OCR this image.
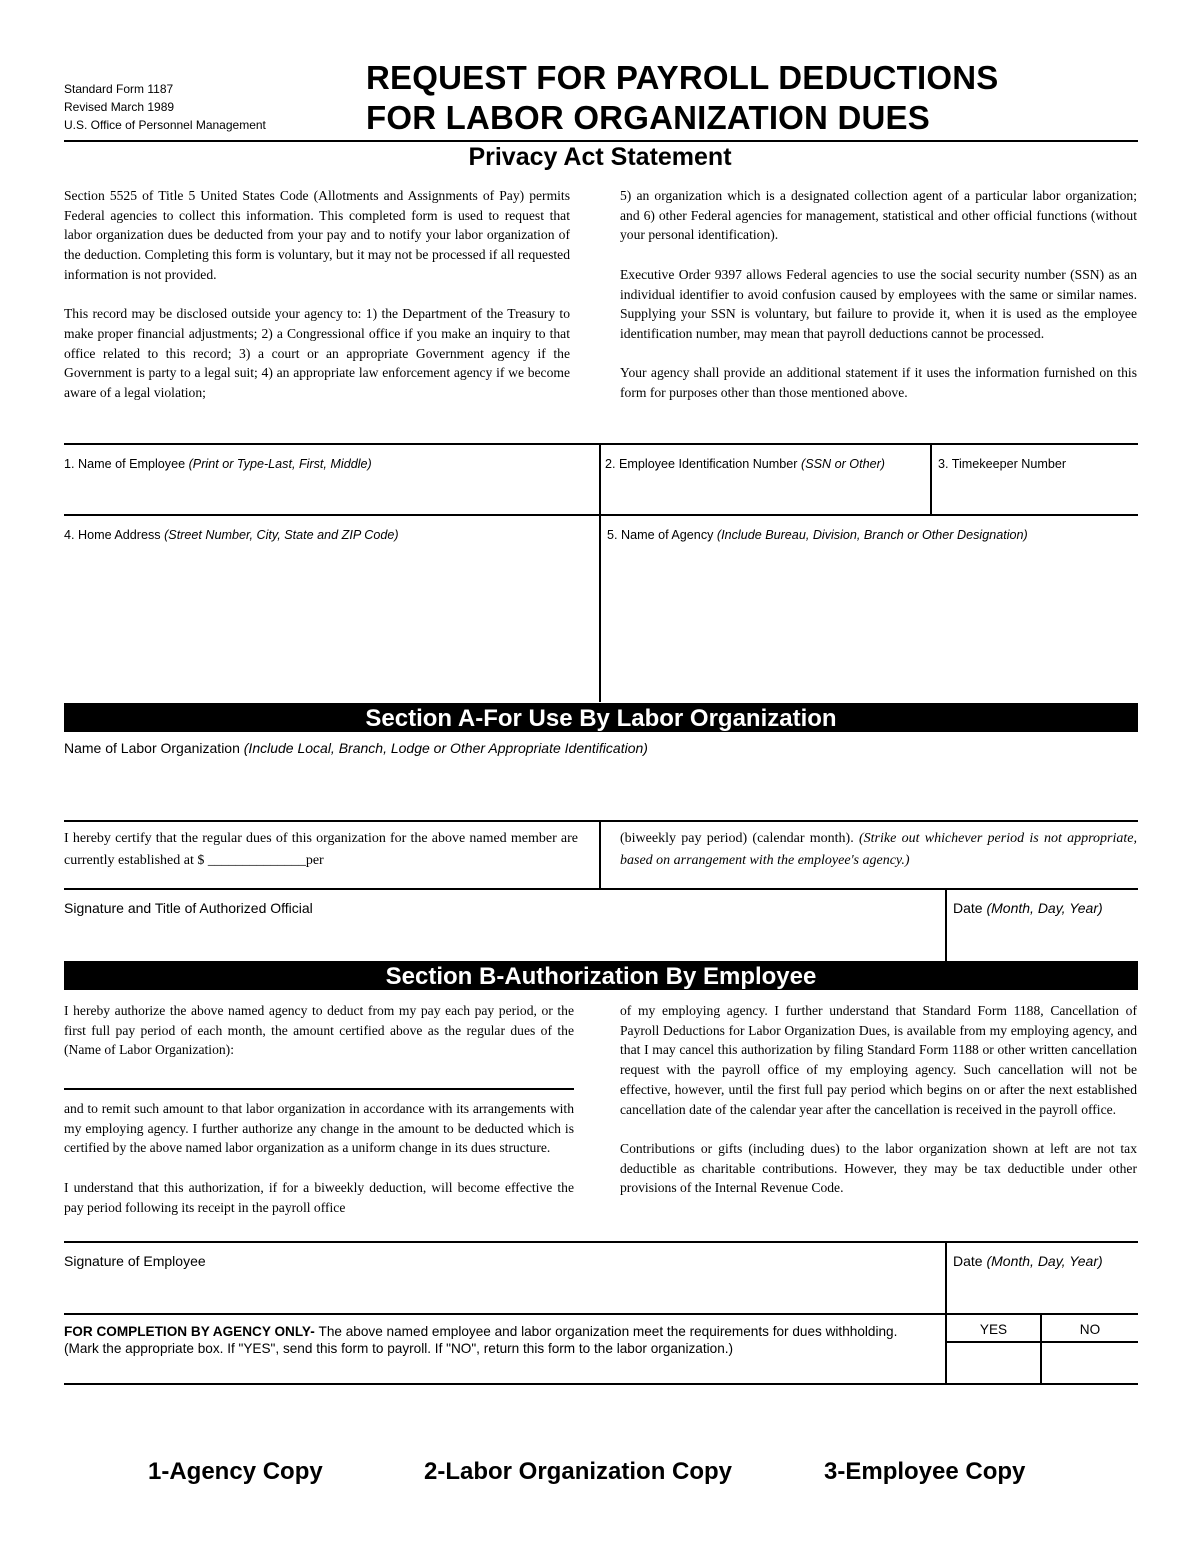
Standard Form 1187
Revised March 1989
U.S. Office of Personnel Management
REQUEST FOR PAYROLL DEDUCTIONS
FOR LABOR ORGANIZATION DUES
Privacy Act Statement

Section 5525 of Title 5 United States Code (Allotments and Assignments of Pay) permits Federal agencies to collect this information. This completed form is used to request that labor organization dues be deducted from your pay and to notify your labor organization of the deduction. Completing this form is voluntary, but it may not be processed if all requested information is not provided.

This record may be disclosed outside your agency to: 1) the Department of the Treasury to make proper financial adjustments; 2) a Congressional office if you make an inquiry to that office related to this record; 3) a court or an appropriate Government agency if the Government is party to a legal suit; 4) an appropriate law enforcement agency if we become aware of a legal violation;

5) an organization which is a designated collection agent of a particular labor organization; and 6) other Federal agencies for management, statistical and other official functions (without your personal identification).

Executive Order 9397 allows Federal agencies to use the social security number (SSN) as an individual identifier to avoid confusion caused by employees with the same or similar names. Supplying your SSN is voluntary, but failure to provide it, when it is used as the employee identification number, may mean that payroll deductions cannot be processed.

Your agency shall provide an additional statement if it uses the information furnished on this form for purposes other than those mentioned above.

1. Name of Employee (Print or Type-Last, First, Middle)	2. Employee Identification Number (SSN or Other)	3. Timekeeper Number
4. Home Address (Street Number, City, State and ZIP Code)	5. Name of Agency (Include Bureau, Division, Branch or Other Designation)
Section A-For Use By Labor Organization
Name of Labor Organization (Include Local, Branch, Lodge or Other Appropriate Identification)
I hereby certify that the regular dues of this organization for the above named member are currently established at $ ______________per
(biweekly pay period) (calendar month). (Strike out whichever period is not appropriate, based on arrangement with the employee's agency.)
Signature and Title of Authorized Official	Date (Month, Day, Year)
Section B-Authorization By Employee
I hereby authorize the above named agency to deduct from my pay each pay period, or the first full pay period of each month, the amount certified above as the regular dues of the (Name of Labor Organization):

and to remit such amount to that labor organization in accordance with its arrangements with my employing agency. I further authorize any change in the amount to be deducted which is certified by the above named labor organization as a uniform change in its dues structure.

I understand that this authorization, if for a biweekly deduction, will become effective the pay period following its receipt in the payroll office

of my employing agency. I further understand that Standard Form 1188, Cancellation of Payroll Deductions for Labor Organization Dues, is available from my employing agency, and that I may cancel this authorization by filing Standard Form 1188 or other written cancellation request with the payroll office of my employing agency. Such cancellation will not be effective, however, until the first full pay period which begins on or after the next established cancellation date of the calendar year after the cancellation is received in the payroll office.

Contributions or gifts (including dues) to the labor organization shown at left are not tax deductible as charitable contributions. However, they may be tax deductible under other provisions of the Internal Revenue Code.

Signature of Employee	Date (Month, Day, Year)
FOR COMPLETION BY AGENCY ONLY- The above named employee and labor organization meet the requirements for dues withholding. (Mark the appropriate box. If "YES", send this form to payroll. If "NO", return this form to the labor organization.)
YES	NO
1-Agency Copy	2-Labor Organization Copy	3-Employee Copy
